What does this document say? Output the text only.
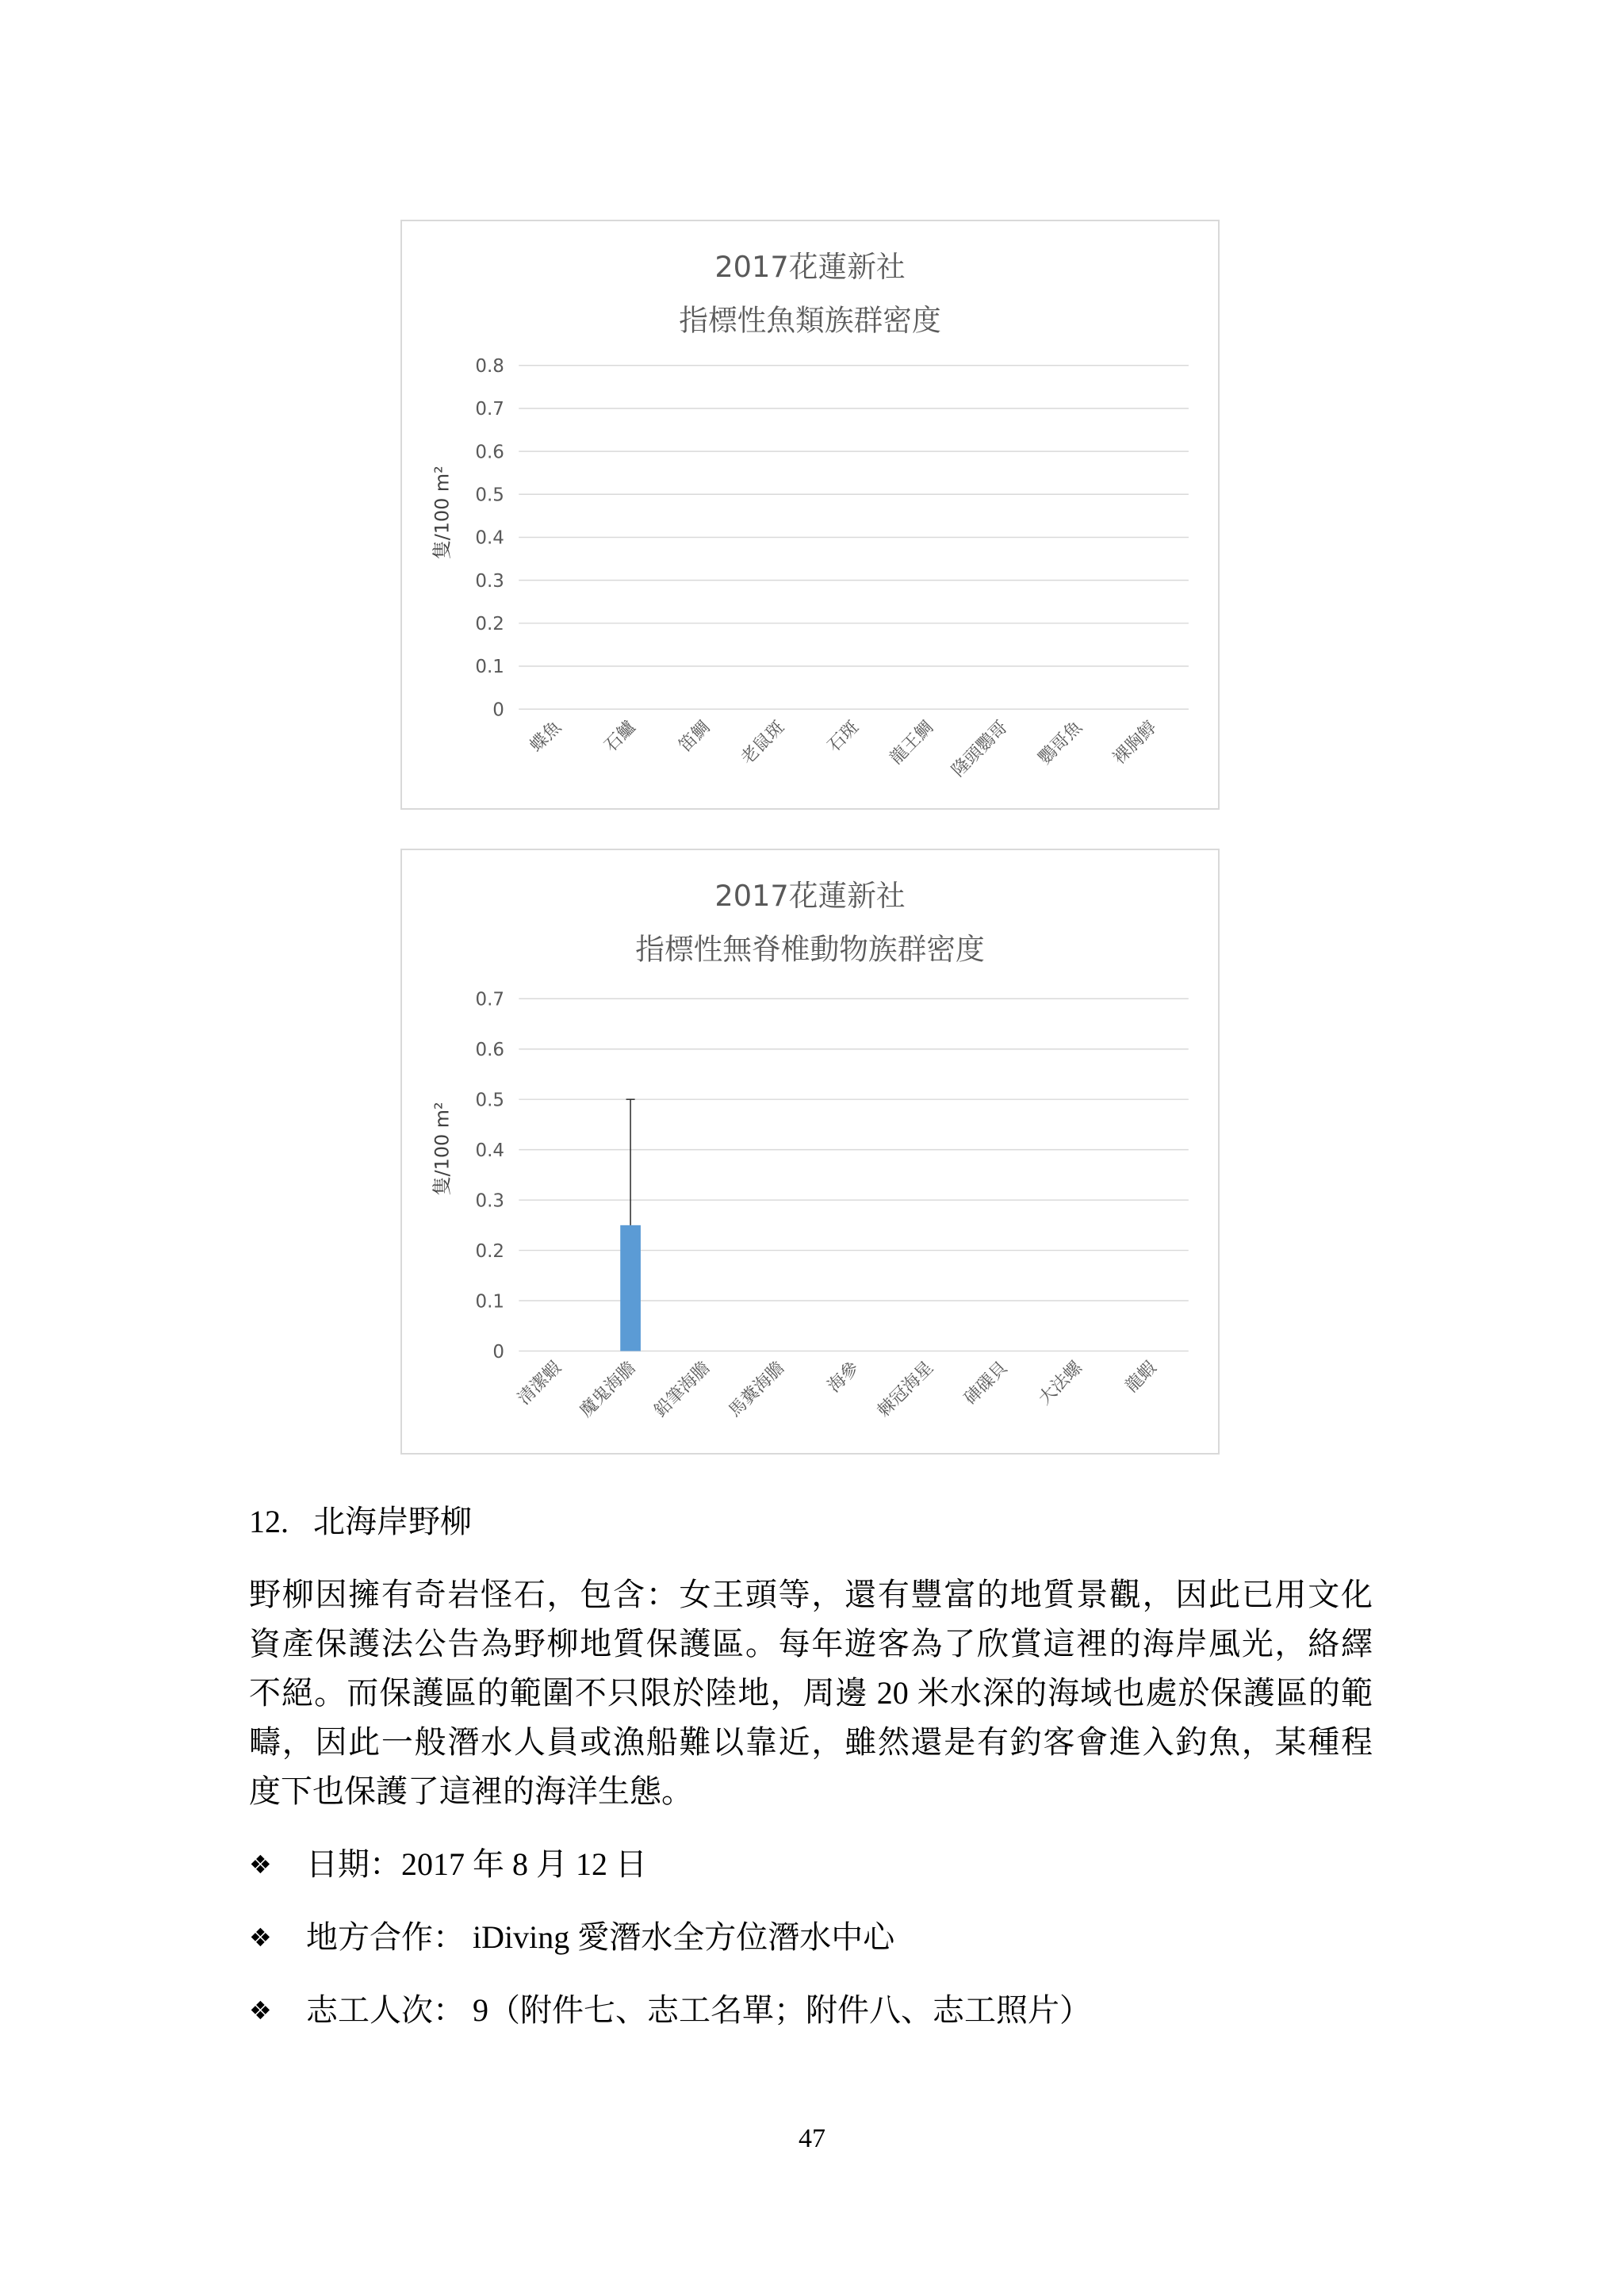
2017花蓮新社
指標性魚類族群密度
0
0.1
0.2
0.3
0.4
0.5
0.6
0.7
0.8
隻/100 m²
蝶魚	石鱸	笛鯛 老鼠斑	石斑 龍王鯛 隆頭鸚哥 鸚哥魚 裸胸鯙
2017花蓮新社
指標性無脊椎動物族群密度
0
0.1
0.2
0.3
0.4
0.5
0.6
0.7
隻/100 m²
清潔蝦 魔鬼海膽 鉛筆海膽 馬糞海膽	海參 棘冠海星 硨磲貝 大法螺	龍蝦
12. 北海岸野柳
野柳因擁有奇岩怪石，包含：女王頭等，還有豐富的地質景觀，因此已用文化
資產保護法公告為野柳地質保護區。每年遊客為了欣賞這裡的海岸風光，絡繹
不絕。而保護區的範圍不只限於陸地，周邊 20 米水深的海域也處於保護區的範
疇，因此一般潛水人員或漁船難以靠近，雖然還是有釣客會進入釣魚，某種程
度下也保護了這裡的海洋生態。
❖ 日期：2017 年 8 月 12 日
❖ 地方合作： iDiving 愛潛水全方位潛水中心
❖ 志工人次： 9（附件七、志工名單；附件八、志工照片）
47
